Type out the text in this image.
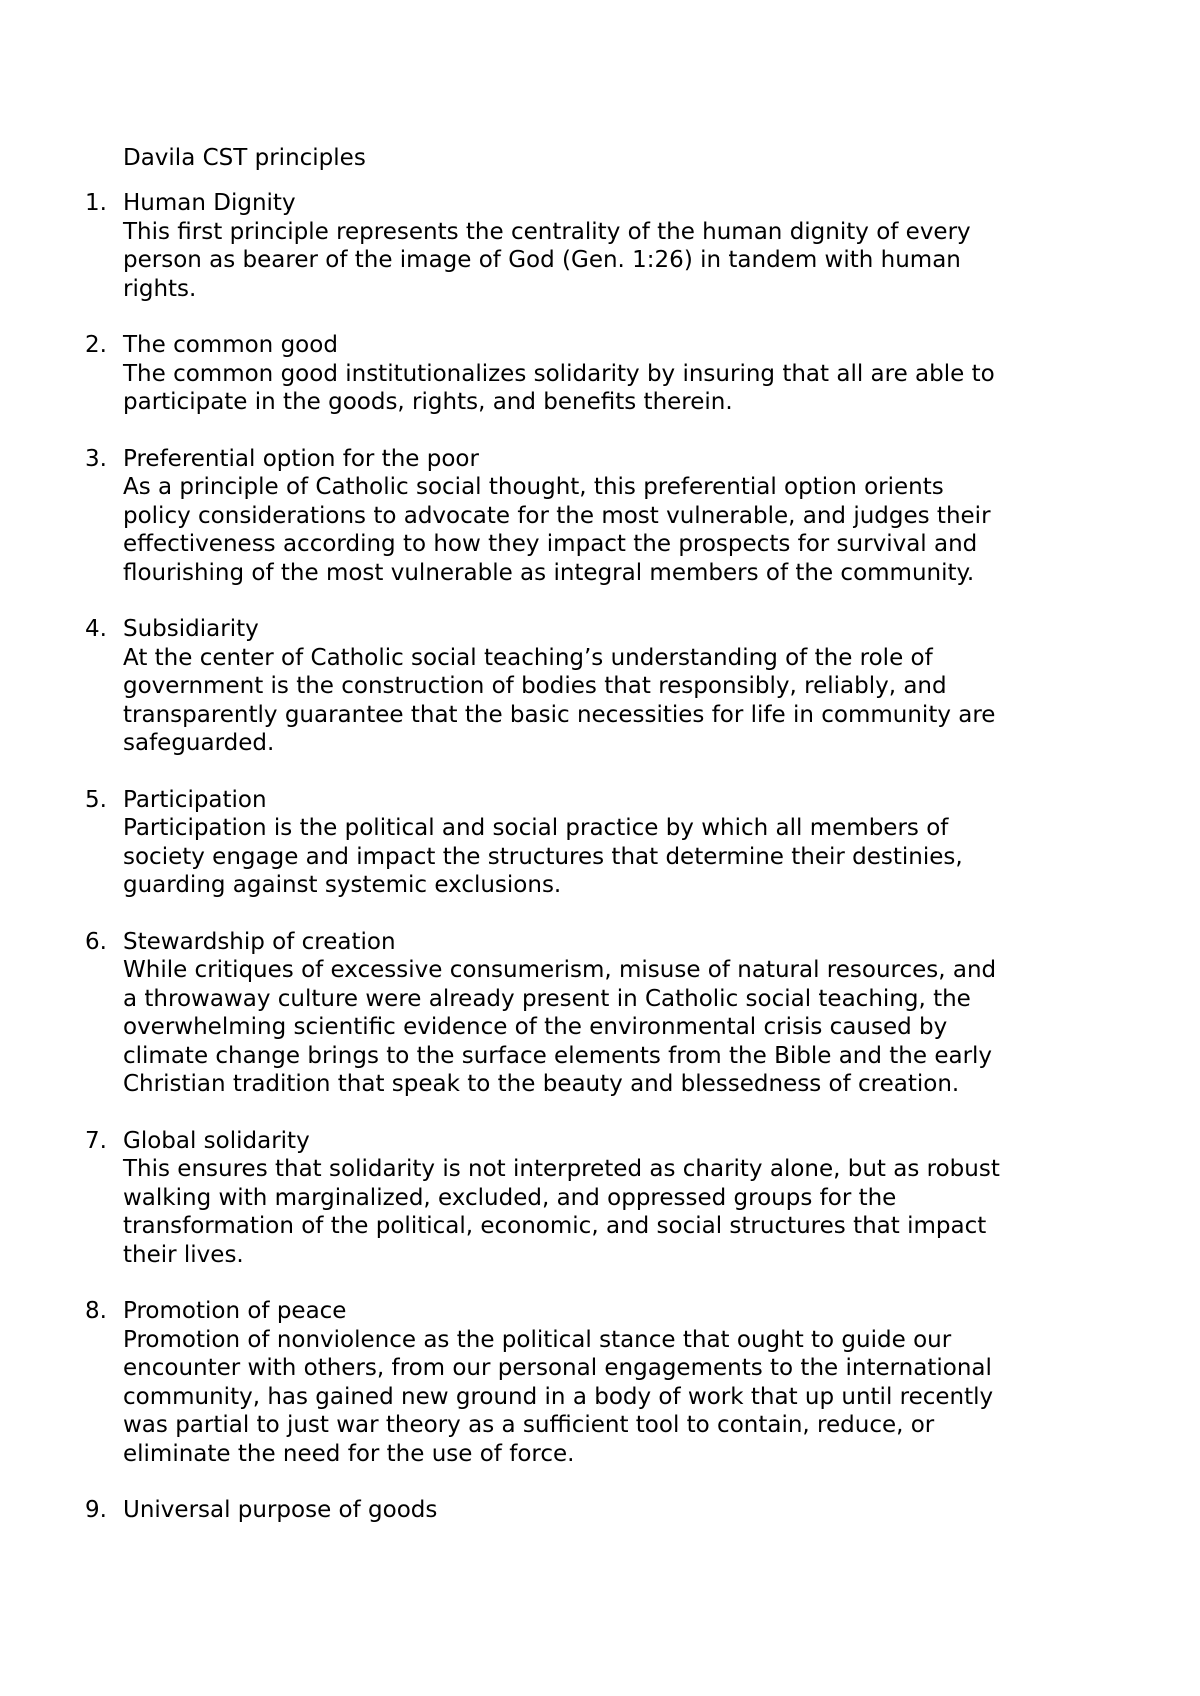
Davila CST principles
1. Human Dignity
This first principle represents the centrality of the human dignity of every
person as bearer of the image of God (Gen. 1:26) in tandem with human
rights.
2. The common good
The common good institutionalizes solidarity by insuring that all are able to
participate in the goods, rights, and benefits therein.
3. Preferential option for the poor
As a principle of Catholic social thought, this preferential option orients
policy considerations to advocate for the most vulnerable, and judges their
effectiveness according to how they impact the prospects for survival and
flourishing of the most vulnerable as integral members of the community.
4. Subsidiarity
At the center of Catholic social teaching’s understanding of the role of
government is the construction of bodies that responsibly, reliably, and
transparently guarantee that the basic necessities for life in community are
safeguarded.
5. Participation
Participation is the political and social practice by which all members of
society engage and impact the structures that determine their destinies,
guarding against systemic exclusions.
6. Stewardship of creation
While critiques of excessive consumerism, misuse of natural resources, and
a throwaway culture were already present in Catholic social teaching, the
overwhelming scientific evidence of the environmental crisis caused by
climate change brings to the surface elements from the Bible and the early
Christian tradition that speak to the beauty and blessedness of creation.
7. Global solidarity
This ensures that solidarity is not interpreted as charity alone, but as robust
walking with marginalized, excluded, and oppressed groups for the
transformation of the political, economic, and social structures that impact
their lives.
8. Promotion of peace
Promotion of nonviolence as the political stance that ought to guide our
encounter with others, from our personal engagements to the international
community, has gained new ground in a body of work that up until recently
was partial to just war theory as a sufficient tool to contain, reduce, or
eliminate the need for the use of force.
9. Universal purpose of goods
